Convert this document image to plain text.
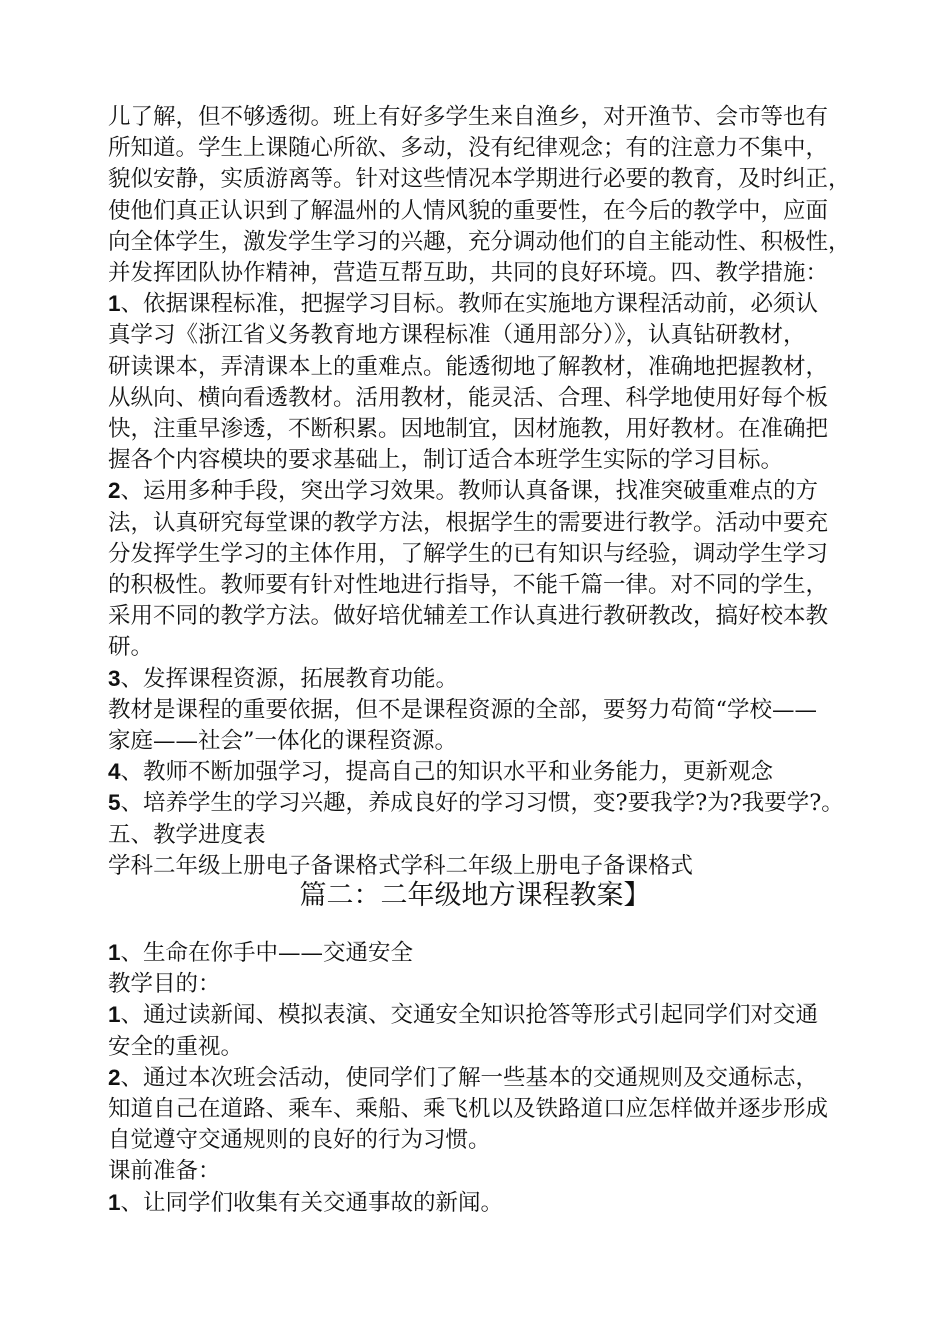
儿了解，但不够透彻。班上有好多学生来自渔乡，对开渔节、会市等也有
所知道。学生上课随心所欲、多动，没有纪律观念；有的注意力不集中，
貌似安静，实质游离等。针对这些情况本学期进行必要的教育，及时纠正，
使他们真正认识到了解温州的人情风貌的重要性，在今后的教学中，应面
向全体学生，激发学生学习的兴趣，充分调动他们的自主能动性、积极性，
并发挥团队协作精神，营造互帮互助，共同的良好环境。四、教学措施：
1、依据课程标准，把握学习目标。教师在实施地方课程活动前，必须认
真学习《浙江省义务教育地方课程标准（通用部分）》，认真钻研教材，
研读课本，弄清课本上的重难点。能透彻地了解教材，准确地把握教材，
从纵向、横向看透教材。活用教材，能灵活、合理、科学地使用好每个板
快，注重早渗透，不断积累。因地制宜，因材施教，用好教材。在准确把
握各个内容模块的要求基础上，制订适合本班学生实际的学习目标。
2、运用多种手段，突出学习效果。教师认真备课，找准突破重难点的方
法，认真研究每堂课的教学方法，根据学生的需要进行教学。活动中要充
分发挥学生学习的主体作用，了解学生的已有知识与经验，调动学生学习
的积极性。教师要有针对性地进行指导，不能千篇一律。对不同的学生，
采用不同的教学方法。做好培优辅差工作认真进行教研教改，搞好校本教
研。
3、发挥课程资源，拓展教育功能。
教材是课程的重要依据，但不是课程资源的全部，要努力苟简“学校——
家庭——社会”一体化的课程资源。
4、教师不断加强学习，提高自己的知识水平和业务能力，更新观念
5、培养学生的学习兴趣，养成良好的学习习惯，变?要我学?为?我要学?。
五、教学进度表
学科二年级上册电子备课格式学科二年级上册电子备课格式
篇二：二年级地方课程教案】
1、生命在你手中——交通安全
教学目的：
1、通过读新闻、模拟表演、交通安全知识抢答等形式引起同学们对交通
安全的重视。
2、通过本次班会活动，使同学们了解一些基本的交通规则及交通标志，
知道自己在道路、乘车、乘船、乘飞机以及铁路道口应怎样做并逐步形成
自觉遵守交通规则的良好的行为习惯。
课前准备：
1、让同学们收集有关交通事故的新闻。
